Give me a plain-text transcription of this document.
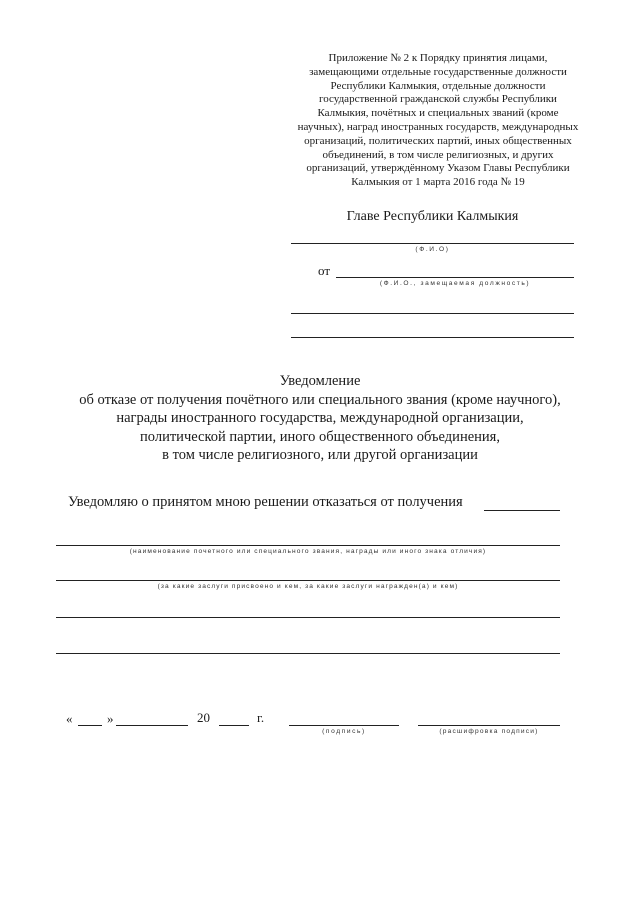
Приложение № 2 к Порядку принятия лицами,
замещающими отдельные государственные должности
Республики Калмыкия, отдельные должности
государственной гражданской службы Республики
Калмыкия, почётных и специальных званий (кроме
научных), наград иностранных государств, международных
организаций, политических партий, иных общественных
объединений, в том числе религиозных, и других
организаций, утверждённому Указом Главы Республики
Калмыкия от 1 марта 2016 года № 19
Главе Республики Калмыкия
(Ф.И.О)
от
(Ф.И.О., замещаемая должность)
Уведомление
об отказе от получения почётного или специального звания (кроме научного),
награды иностранного государства, международной организации,
политической партии, иного общественного объединения,
в том числе религиозного, или другой организации
Уведомляю о принятом мною решении отказаться от получения
(наименование почетного или специального звания, награды или иного знака отличия)
(за какие заслуги присвоено и кем, за какие заслуги награжден(а) и кем)
«	»	20	г.
(подпись)	(расшифровка подписи)
